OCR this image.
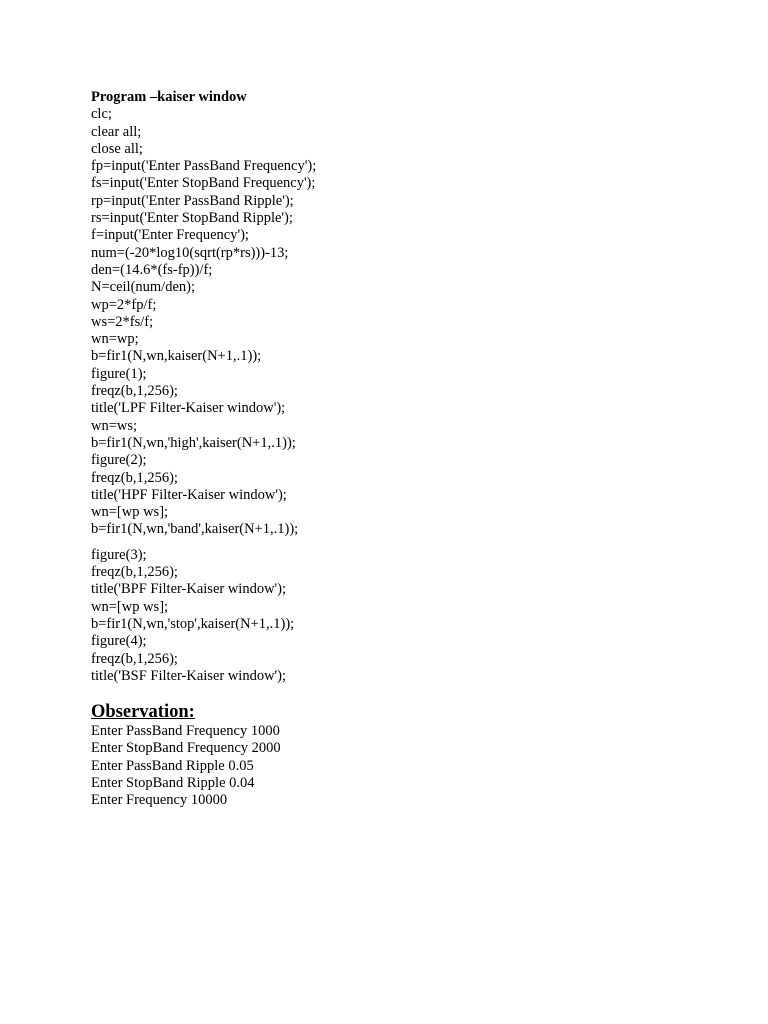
Program –kaiser window
clc;
clear all;
close all;
fp=input('Enter PassBand Frequency');
fs=input('Enter StopBand Frequency');
rp=input('Enter PassBand Ripple');
rs=input('Enter StopBand Ripple');
f=input('Enter Frequency');
num=(-20*log10(sqrt(rp*rs)))-13;
den=(14.6*(fs-fp))/f;
N=ceil(num/den);
wp=2*fp/f;
ws=2*fs/f;
wn=wp;
b=fir1(N,wn,kaiser(N+1,.1));
figure(1);
freqz(b,1,256);
title('LPF Filter-Kaiser window');
wn=ws;
b=fir1(N,wn,'high',kaiser(N+1,.1));
figure(2);
freqz(b,1,256);
title('HPF Filter-Kaiser window');
wn=[wp ws];
b=fir1(N,wn,'band',kaiser(N+1,.1));
figure(3);
freqz(b,1,256);
title('BPF Filter-Kaiser window');
wn=[wp ws];
b=fir1(N,wn,'stop',kaiser(N+1,.1));
figure(4);
freqz(b,1,256);
title('BSF Filter-Kaiser window');
Observation:
Enter PassBand Frequency 1000
Enter StopBand Frequency 2000
Enter PassBand Ripple 0.05
Enter StopBand Ripple 0.04
Enter Frequency 10000
